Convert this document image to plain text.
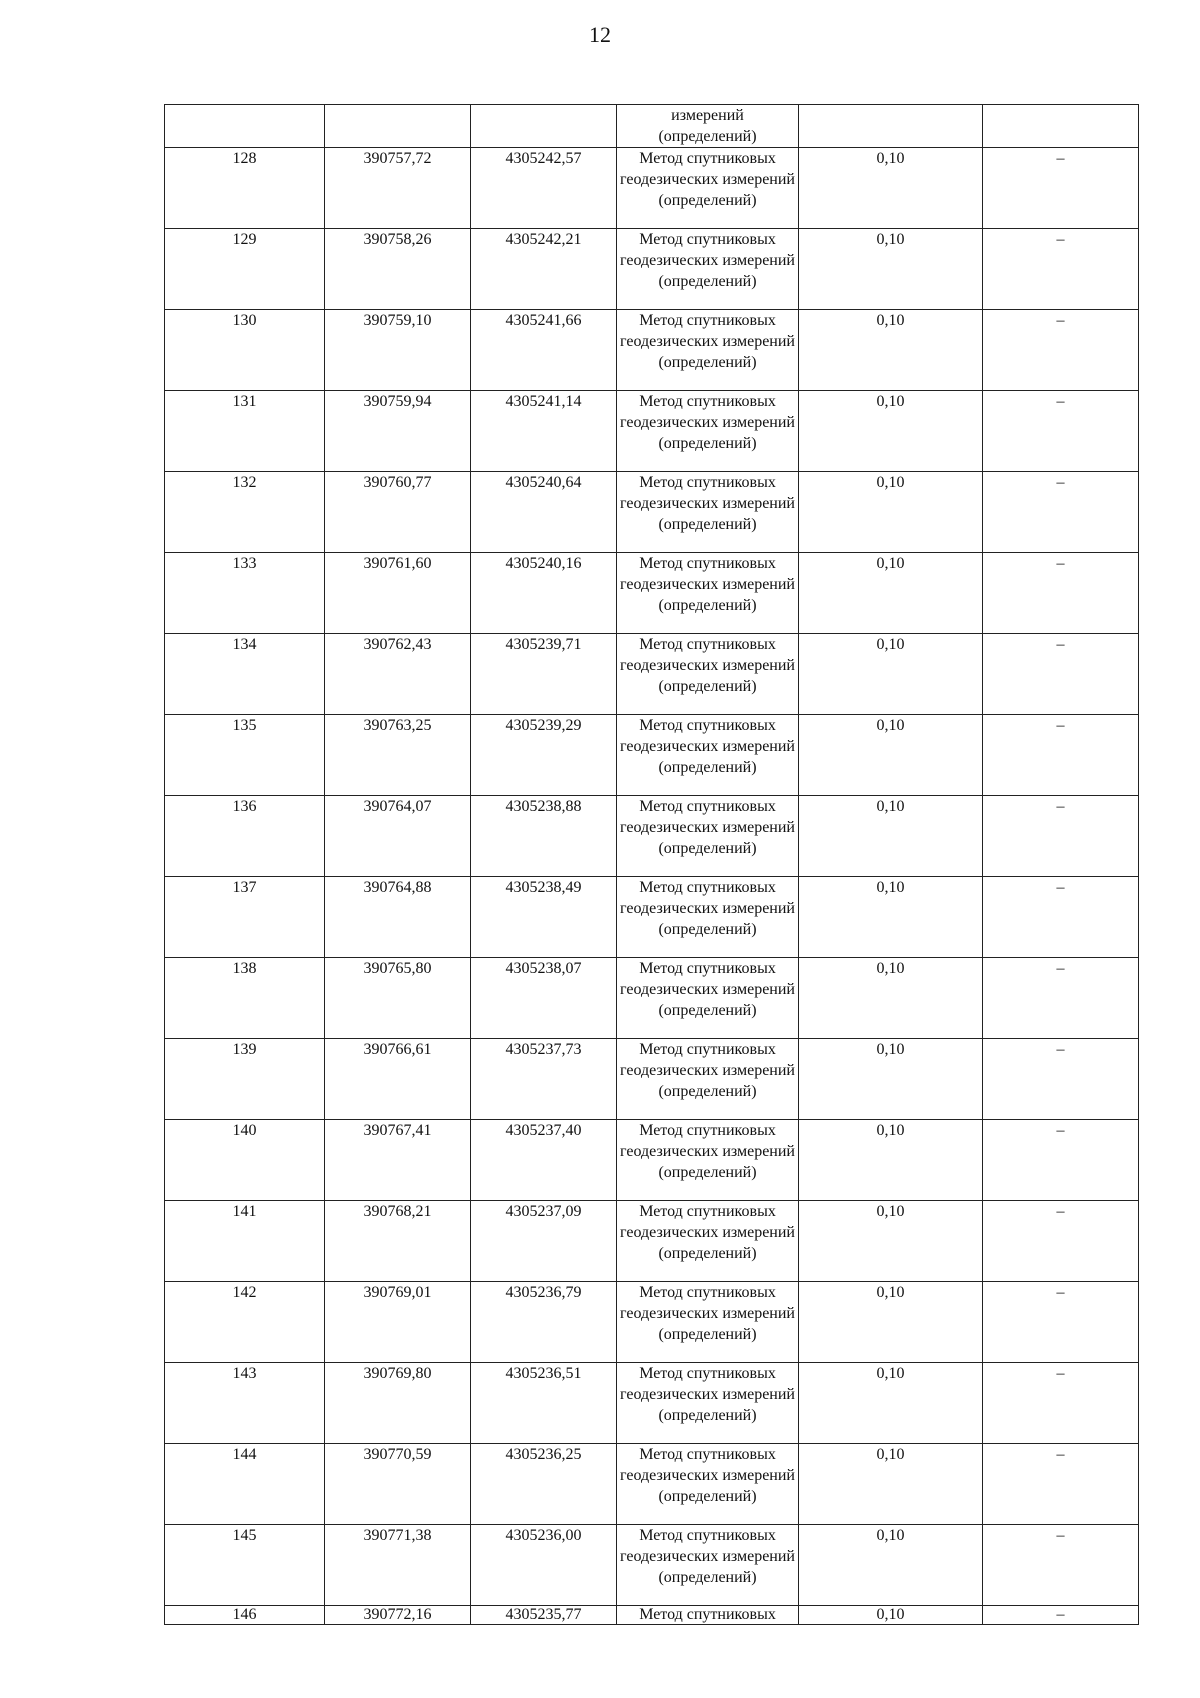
12
			измерений
(определений)		
128	390757,72	4305242,57	Метод спутниковых геодезических измерений (определений)	0,10	–
129	390758,26	4305242,21	Метод спутниковых геодезических измерений (определений)	0,10	–
130	390759,10	4305241,66	Метод спутниковых геодезических измерений (определений)	0,10	–
131	390759,94	4305241,14	Метод спутниковых геодезических измерений (определений)	0,10	–
132	390760,77	4305240,64	Метод спутниковых геодезических измерений (определений)	0,10	–
133	390761,60	4305240,16	Метод спутниковых геодезических измерений (определений)	0,10	–
134	390762,43	4305239,71	Метод спутниковых геодезических измерений (определений)	0,10	–
135	390763,25	4305239,29	Метод спутниковых геодезических измерений (определений)	0,10	–
136	390764,07	4305238,88	Метод спутниковых геодезических измерений (определений)	0,10	–
137	390764,88	4305238,49	Метод спутниковых геодезических измерений (определений)	0,10	–
138	390765,80	4305238,07	Метод спутниковых геодезических измерений (определений)	0,10	–
139	390766,61	4305237,73	Метод спутниковых геодезических измерений (определений)	0,10	–
140	390767,41	4305237,40	Метод спутниковых геодезических измерений (определений)	0,10	–
141	390768,21	4305237,09	Метод спутниковых геодезических измерений (определений)	0,10	–
142	390769,01	4305236,79	Метод спутниковых геодезических измерений (определений)	0,10	–
143	390769,80	4305236,51	Метод спутниковых геодезических измерений (определений)	0,10	–
144	390770,59	4305236,25	Метод спутниковых геодезических измерений (определений)	0,10	–
145	390771,38	4305236,00	Метод спутниковых геодезических измерений (определений)	0,10	–
146	390772,16	4305235,77	Метод спутниковых	0,10	–
